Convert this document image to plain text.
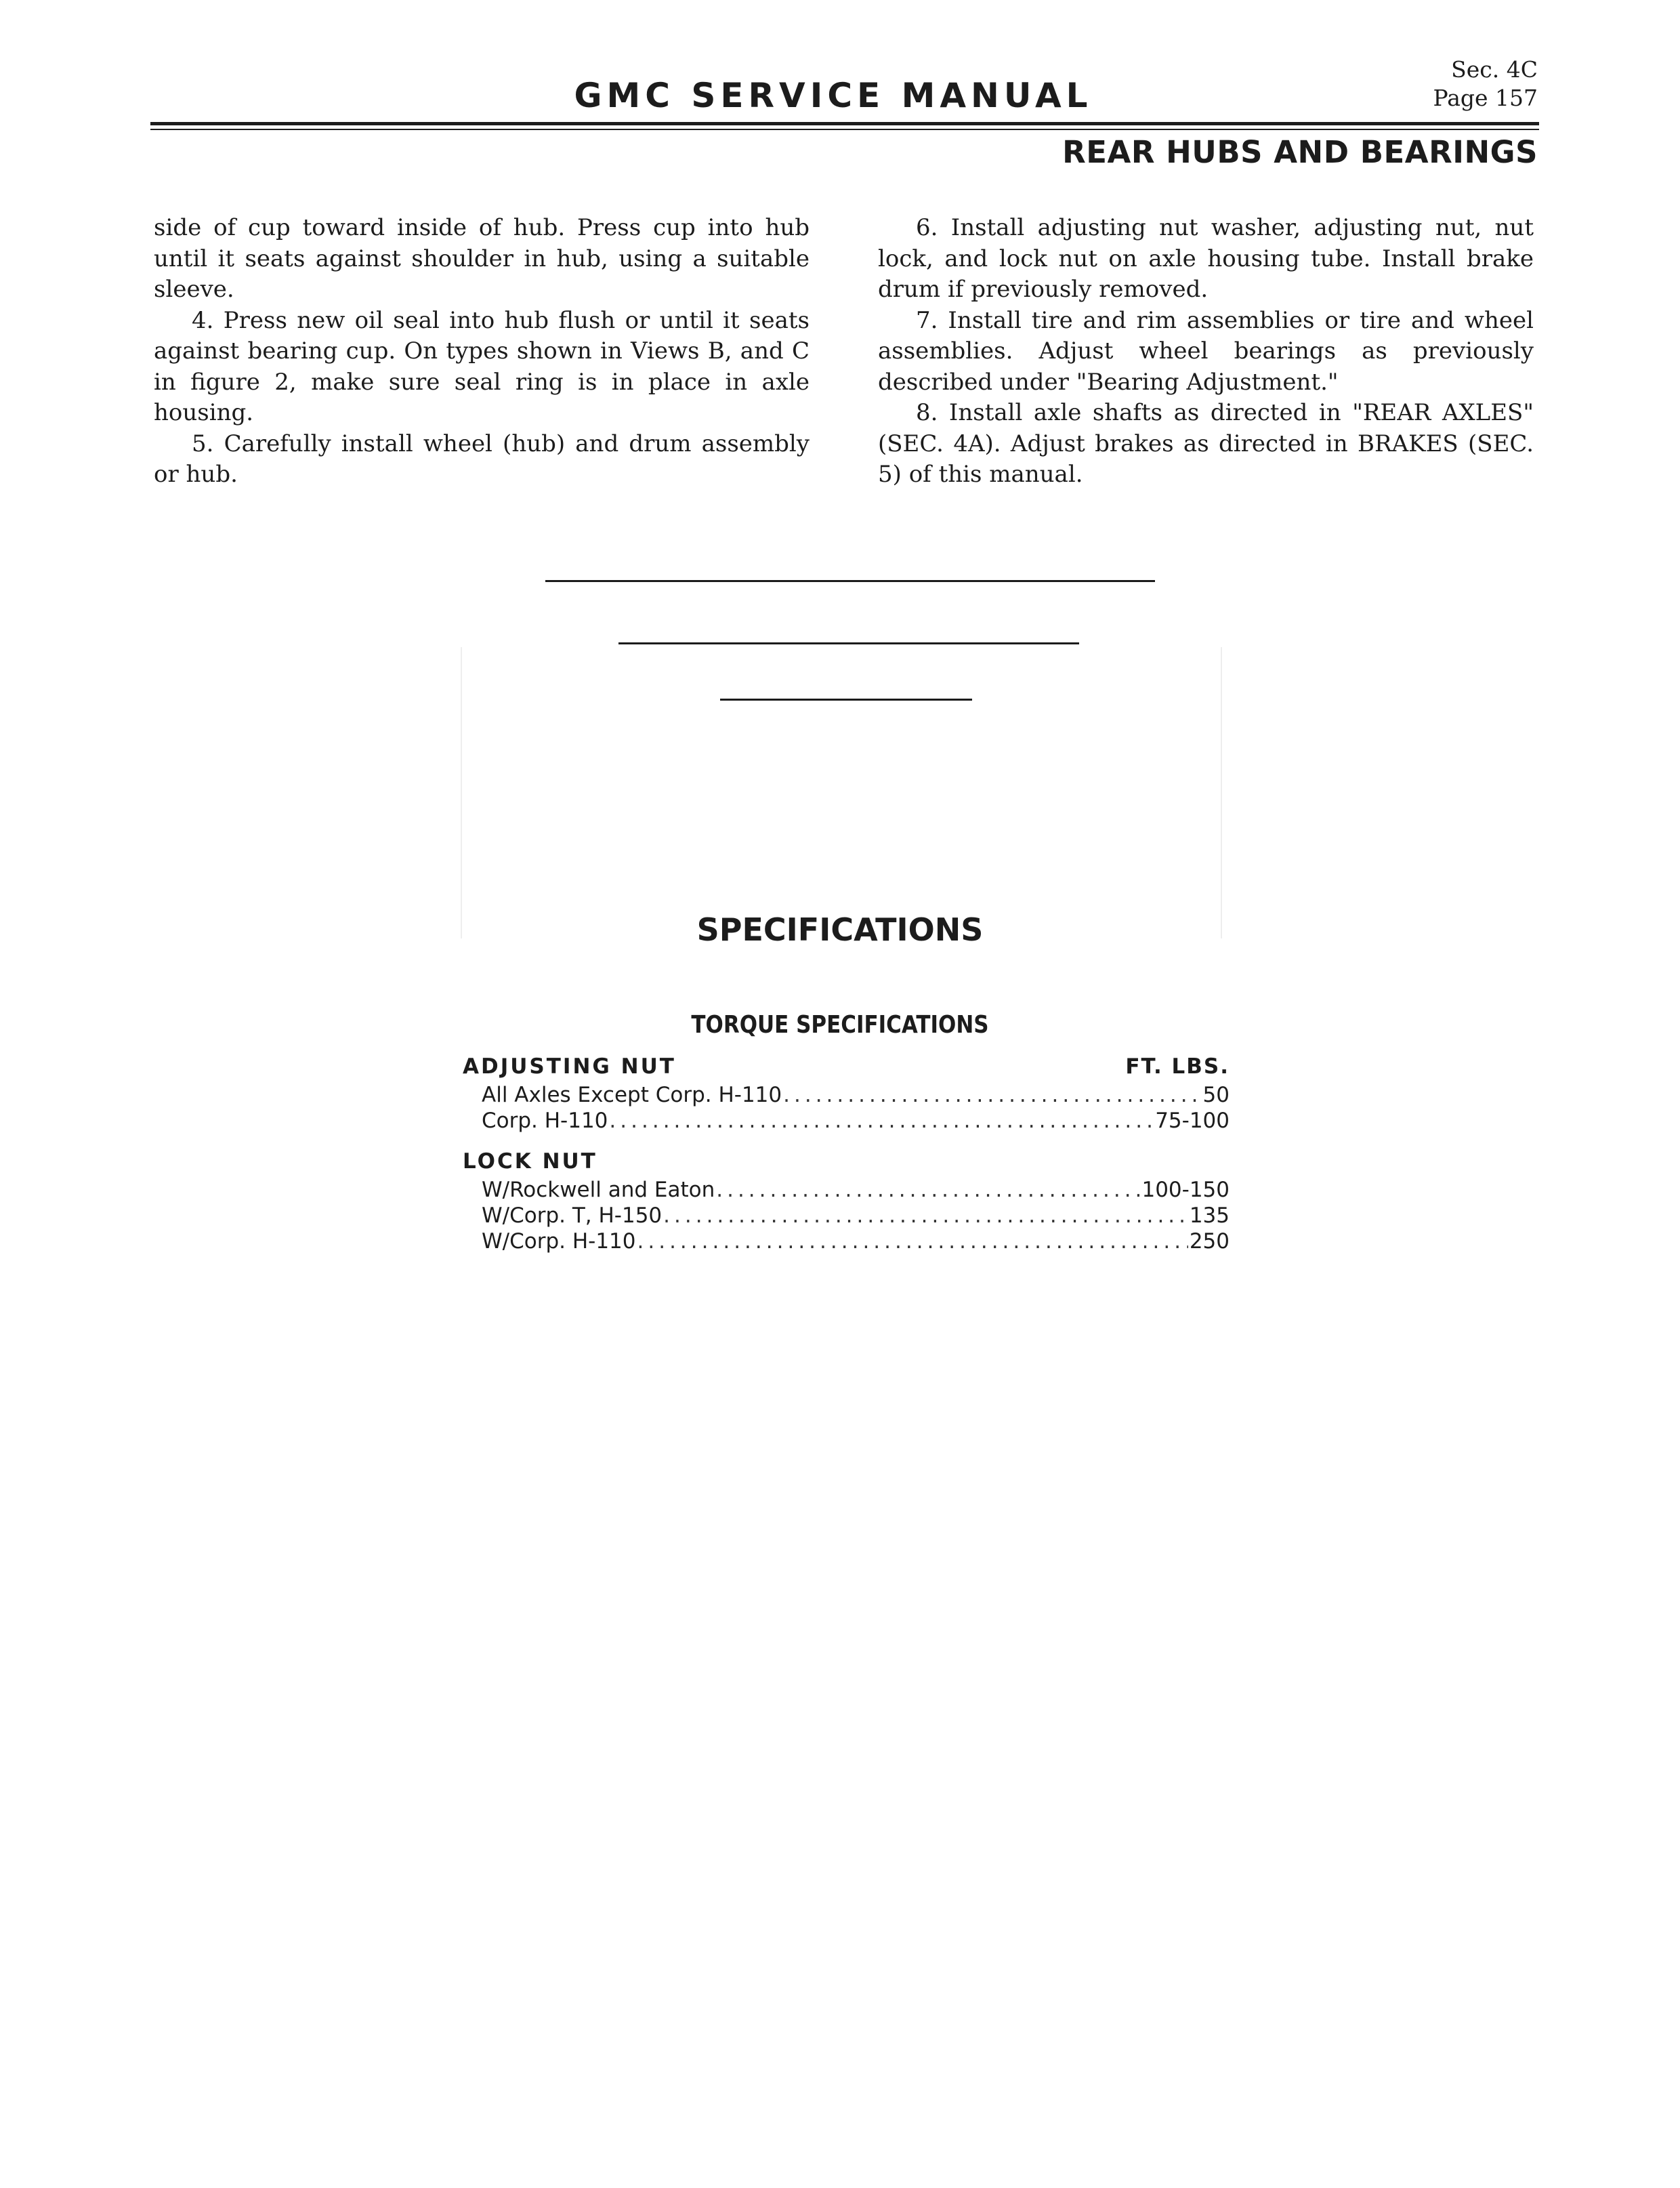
GMC SERVICE MANUAL
Sec. 4C
Page 157
REAR HUBS AND BEARINGS

side of cup toward inside of hub. Press cup into hub until it seats against shoulder in hub, using a suitable sleeve.

4. Press new oil seal into hub flush or until it seats against bearing cup. On types shown in Views B, and C in figure 2, make sure seal ring is in place in axle housing.

5. Carefully install wheel (hub) and drum assembly or hub.

6. Install adjusting nut washer, adjusting nut, nut lock, and lock nut on axle housing tube. Install brake drum if previously removed.

7. Install tire and rim assemblies or tire and wheel assemblies. Adjust wheel bearings as previously described under "Bearing Adjustment."

8. Install axle shafts as directed in "REAR AXLES" (SEC. 4A). Adjust brakes as directed in BRAKES (SEC. 5) of this manual.

SPECIFICATIONS
TORQUE SPECIFICATIONS
ADJUSTING NUT	FT. LBS.
All Axles Except Corp. H-110 .....	50
Corp. H-110 .....	75-100
LOCK NUT
W/Rockwell and Eaton .....	100-150
W/Corp. T, H-150 .....	135
W/Corp. H-110 .....	250
